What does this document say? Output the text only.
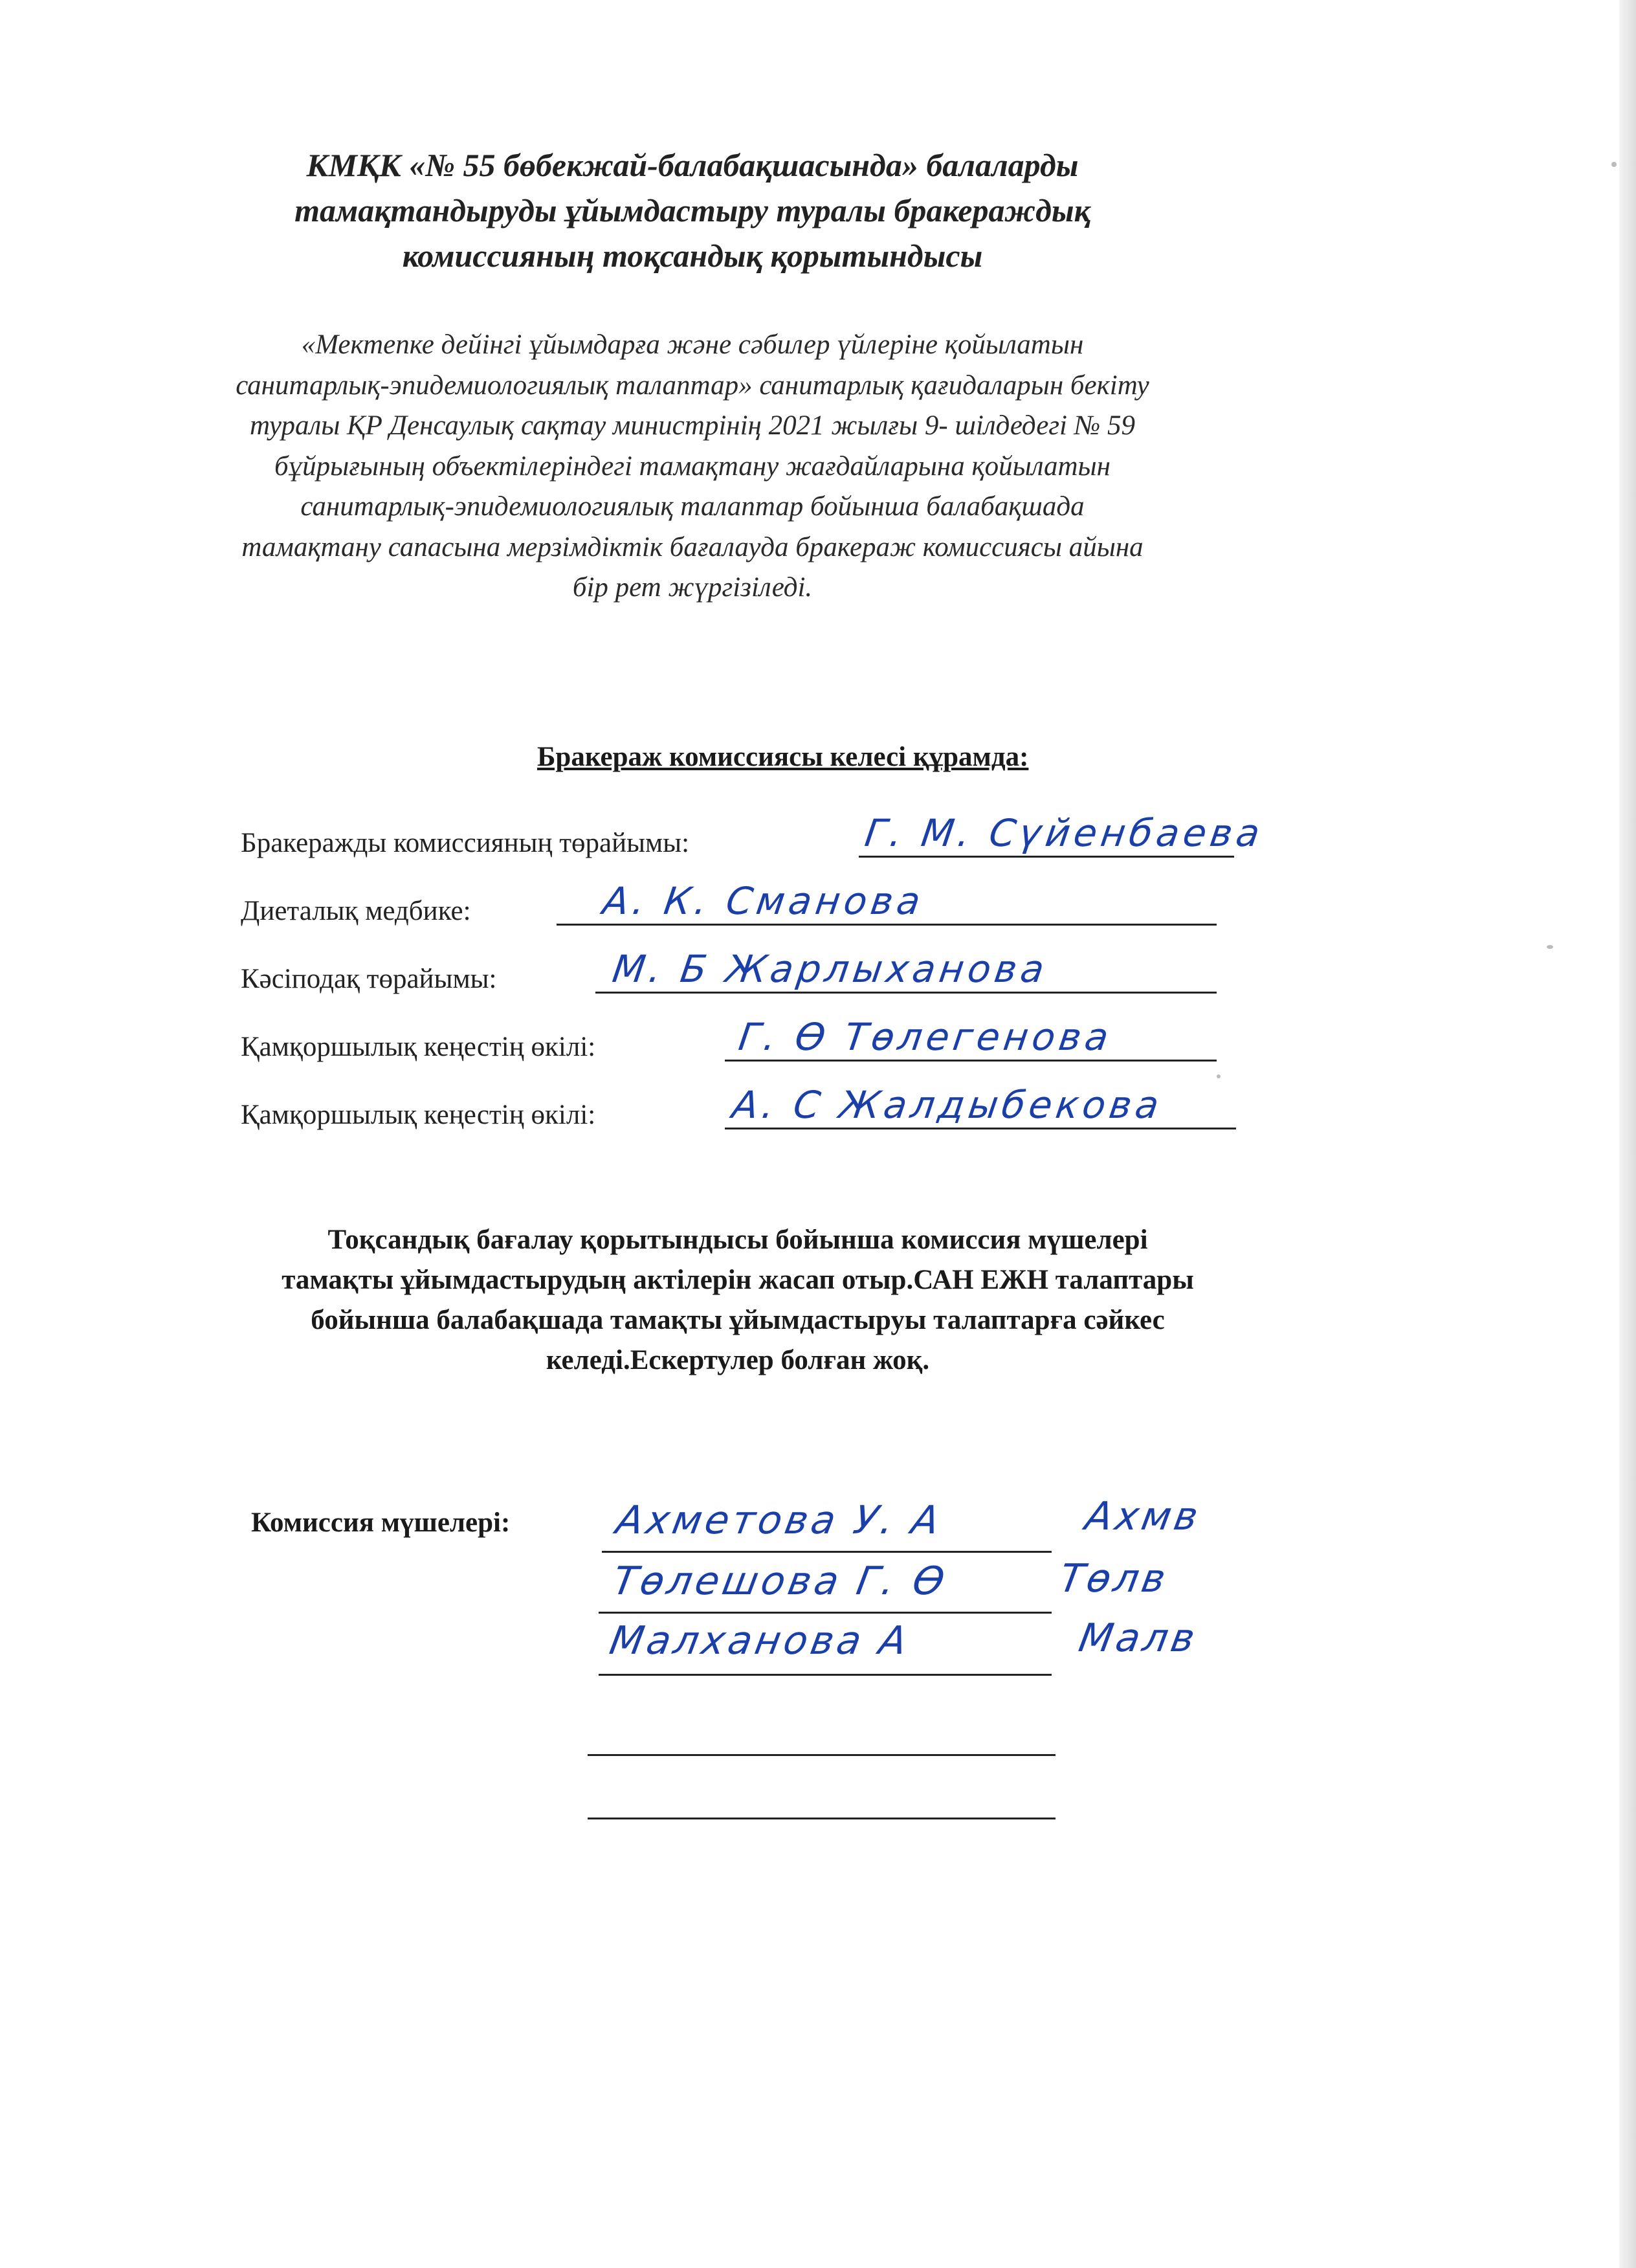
КМҚК «№ 55 бөбекжай-балабақшасында» балаларды
тамақтандыруды ұйымдастыру туралы бракераждық
комиссияның тоқсандық қорытындысы
«Мектепке дейінгі ұйымдарға және сәбилер үйлеріне қойылатын
санитарлық-эпидемиологиялық талаптар» санитарлық қағидаларын бекіту
туралы ҚР Денсаулық сақтау министрінің 2021 жылғы 9- шілдедегі № 59
бұйрығының объектілеріндегі тамақтану жағдайларына қойылатын
санитарлық-эпидемиологиялық талаптар бойынша балабақшада
тамақтану сапасына мерзімдіктік бағалауда бракераж комиссиясы айына
бір рет жүргізіледі.
Бракераж комиссиясы келесі құрамда:
Бракеражды комиссияның төрайымы:	Г. М. Сүйенбаева
Диеталық медбике:	А. К. Сманова
Кәсіподақ төрайымы:	М. Б Жарлыханова
Қамқоршылық кеңестің өкілі:	Г. Ө Төлегенова
Қамқоршылық кеңестің өкілі:	А. С Жалдыбекова
Тоқсандық бағалау қорытындысы бойынша комиссия мүшелері
тамақты ұйымдастырудың актілерін жасап отыр.САН ЕЖН талаптары
бойынша балабақшада тамақты ұйымдастыруы талаптарға сәйкес
келеді.Ескертулер болған жоқ.
Комиссия мүшелері:	Ахметова У. А	Ахмв
Төлешова Г. Ө	Төлв
Малханова А	Малв
